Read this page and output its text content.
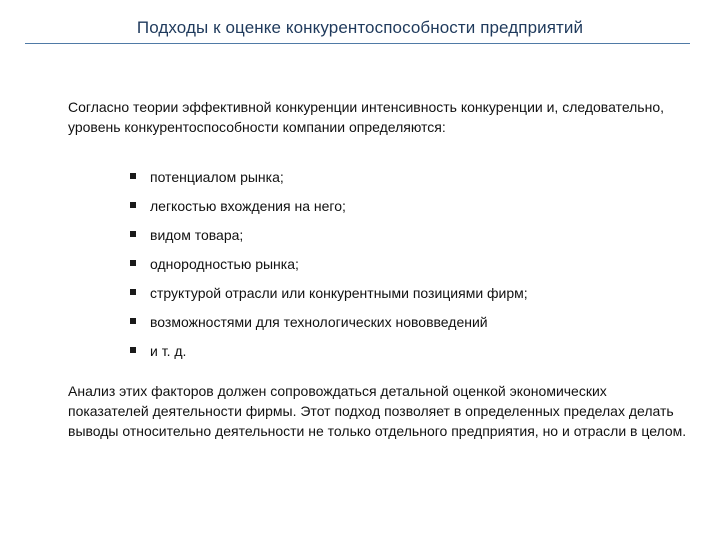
Подходы к оценке конкурентоспособности предприятий

Согласно теории эффективной конкуренции интенсивность конкуренции и, следовательно, уровень конкурентоспособности компании определяются:

потенциалом рынка;
легкостью вхождения на него;
видом товара;
однородностью рынка;
структурой отрасли или конкурентными позициями фирм;
возможностями для технологических нововведений
и т. д.

Анализ этих факторов должен сопровождаться детальной оценкой экономических показателей деятельности фирмы. Этот подход позволяет в определенных пределах делать выводы относительно деятельности не только отдельного предприятия, но и отрасли в целом.
